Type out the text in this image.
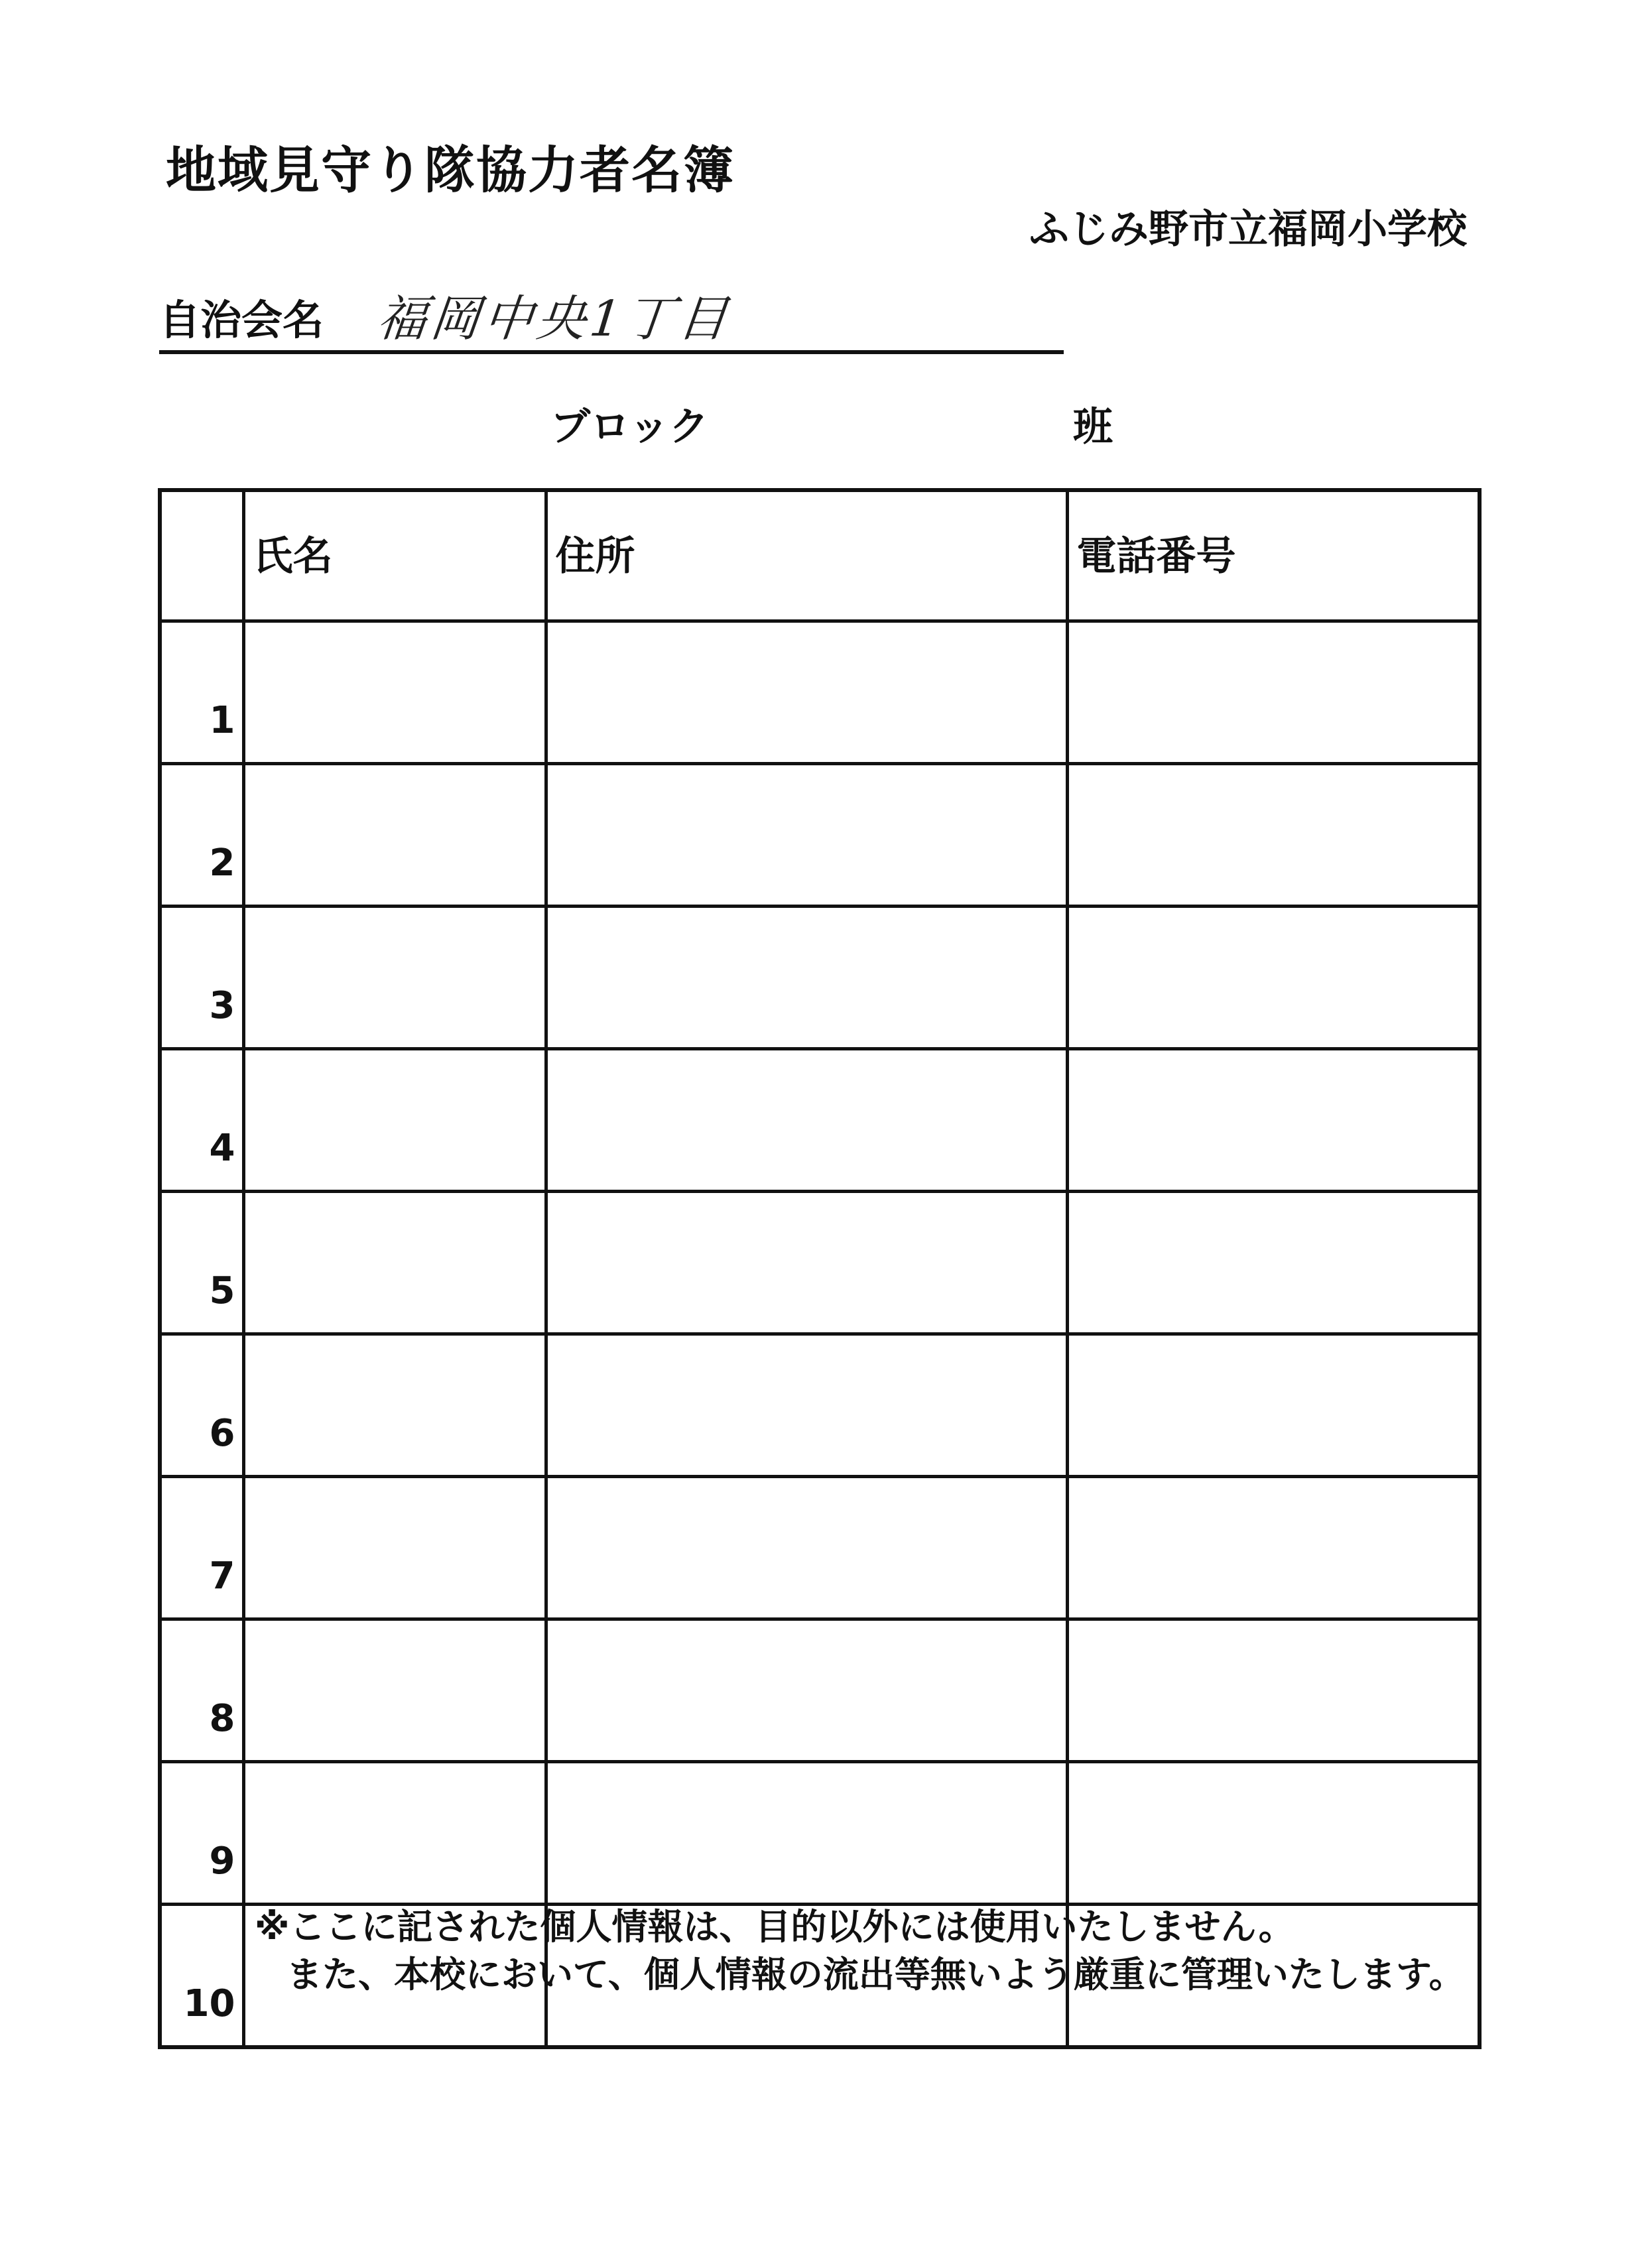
地域見守り隊協力者名簿
ふじみ野市立福岡小学校
自治会名 福岡中央1丁目
ブロック	班
	氏名	住所	電話番号
1			
2			
3			
4			
5			
6			
7			
8			
9			
10			
※ここに記された個人情報は、目的以外には使用いたしません。
また、本校において、個人情報の流出等無いよう厳重に管理いたします。
